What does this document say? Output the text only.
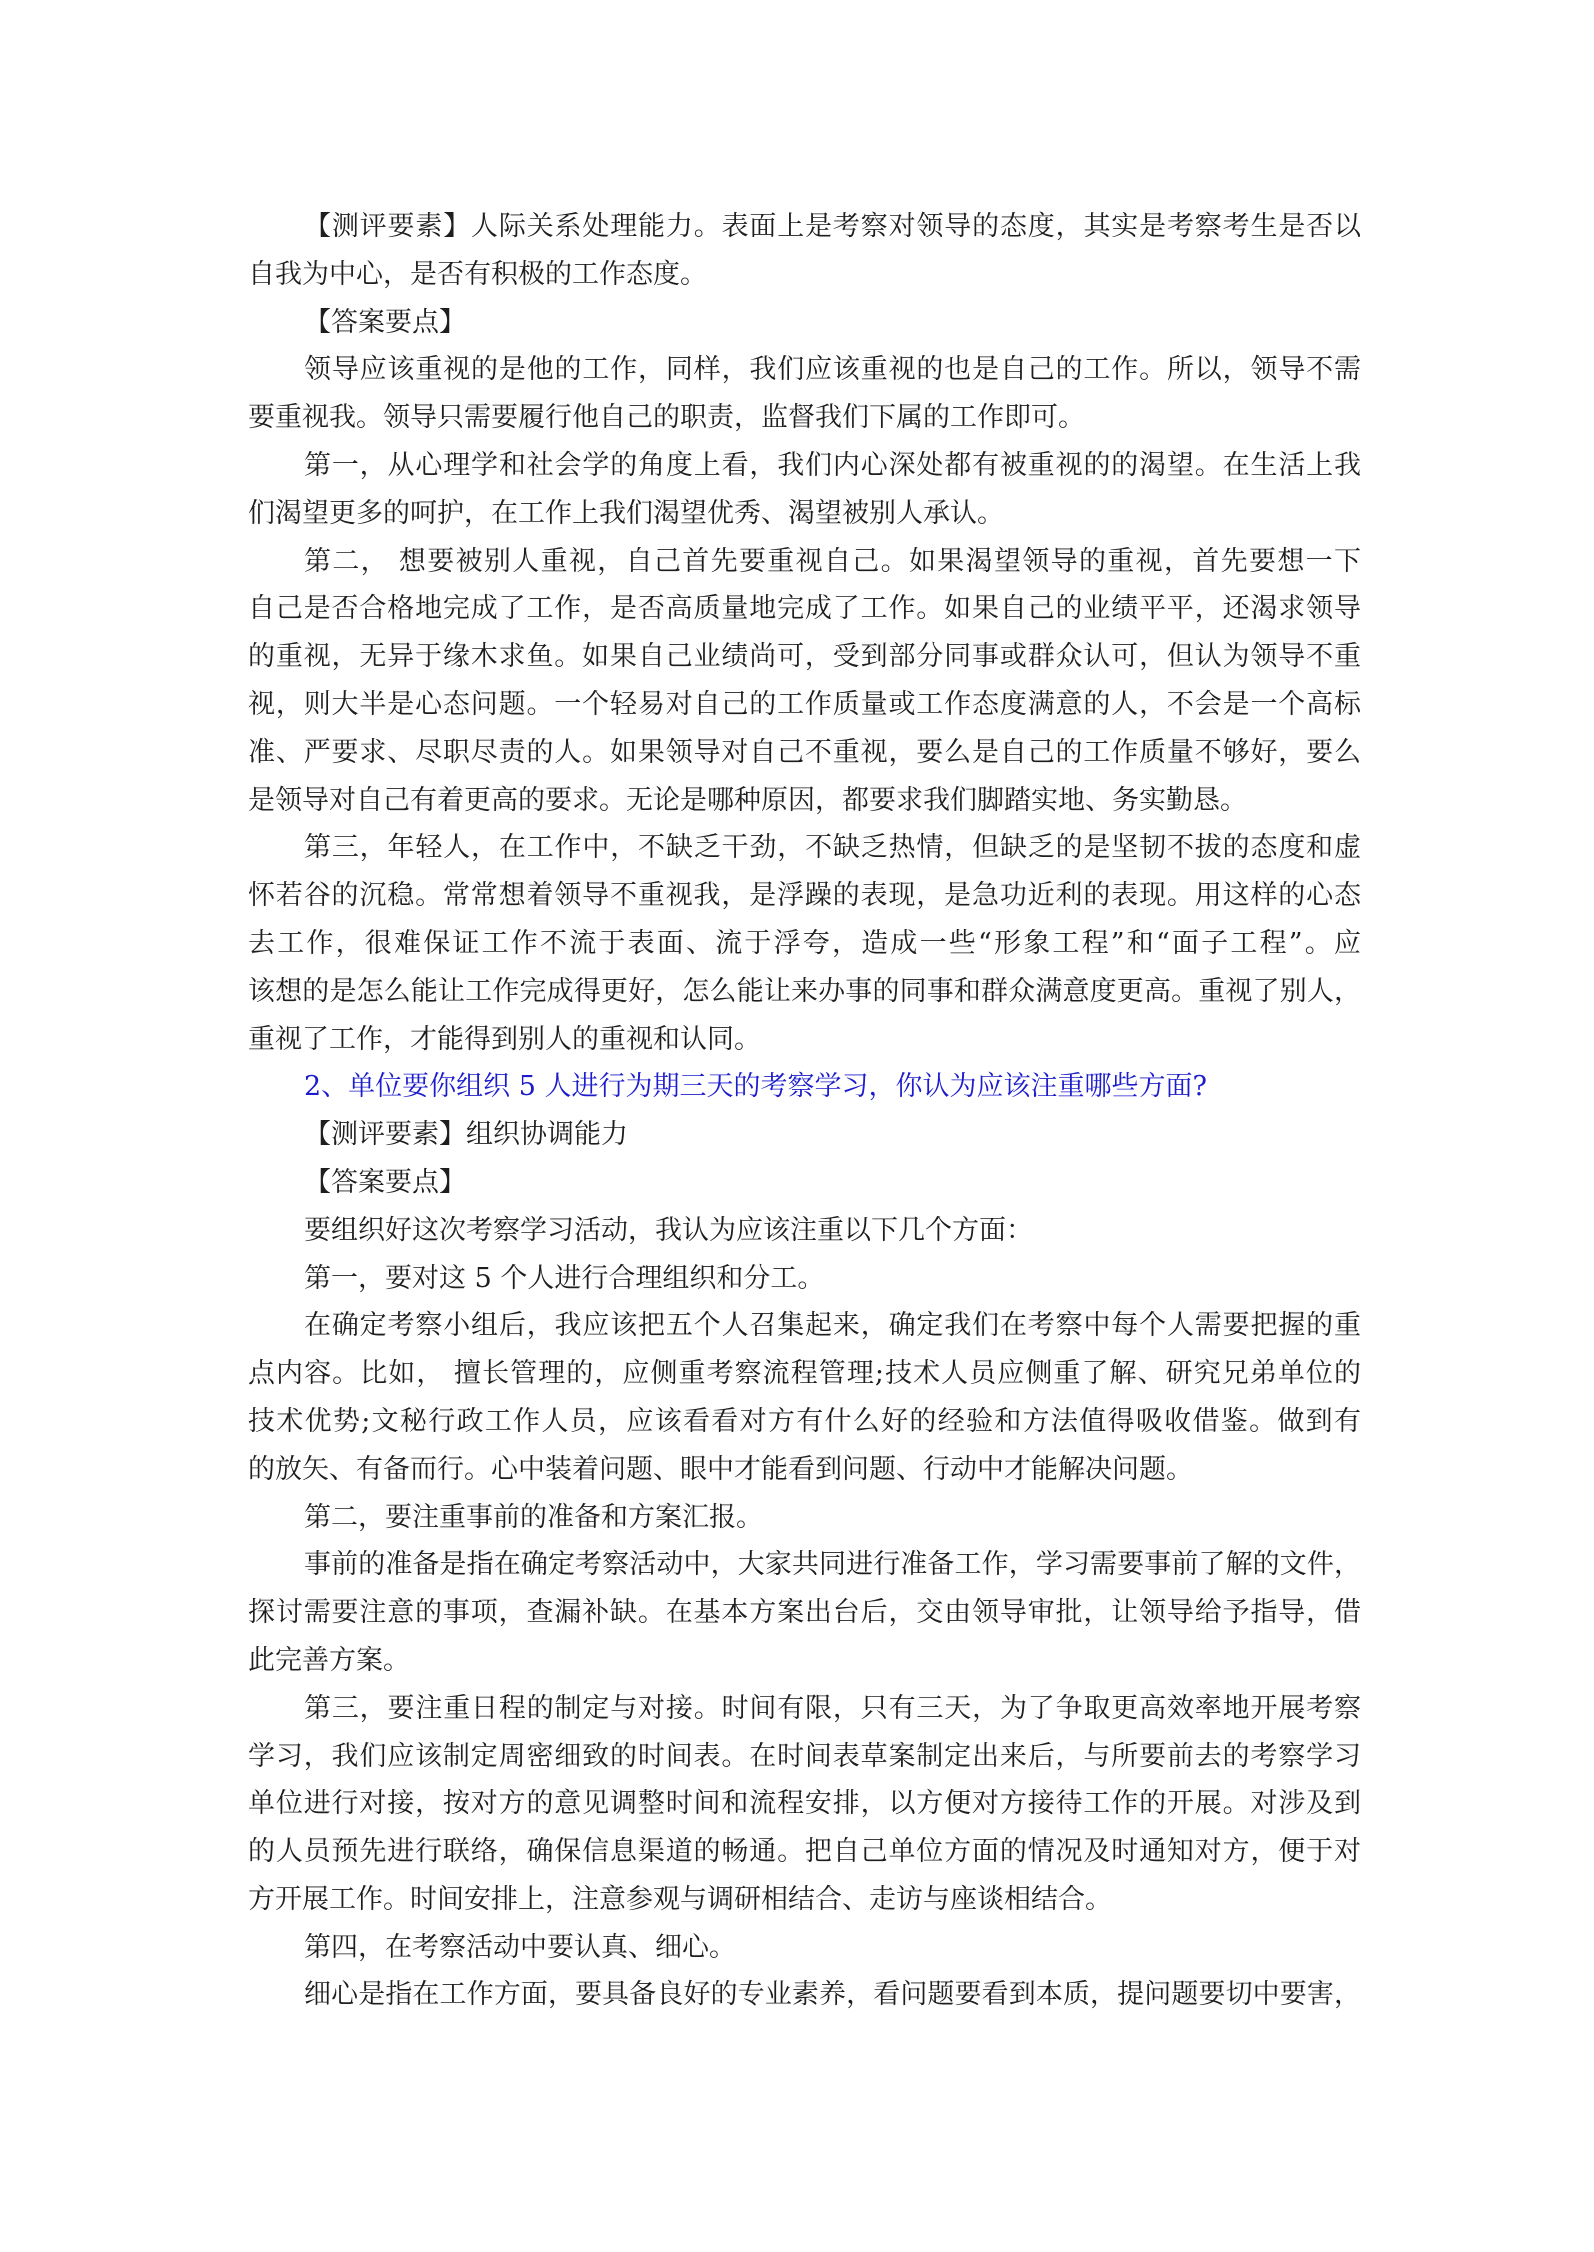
【测评要素】人际关系处理能力。表面上是考察对领导的态度，其实是考察考生是否以
自我为中心，是否有积极的工作态度。
【答案要点】
领导应该重视的是他的工作，同样，我们应该重视的也是自己的工作。所以，领导不需
要重视我。领导只需要履行他自己的职责，监督我们下属的工作即可。
第一，从心理学和社会学的角度上看，我们内心深处都有被重视的的渴望。在生活上我
们渴望更多的呵护，在工作上我们渴望优秀、渴望被别人承认。
第二， 想要被别人重视，自己首先要重视自己。如果渴望领导的重视，首先要想一下
自己是否合格地完成了工作，是否高质量地完成了工作。如果自己的业绩平平，还渴求领导
的重视，无异于缘木求鱼。如果自己业绩尚可，受到部分同事或群众认可，但认为领导不重
视，则大半是心态问题。一个轻易对自己的工作质量或工作态度满意的人，不会是一个高标
准、严要求、尽职尽责的人。如果领导对自己不重视，要么是自己的工作质量不够好，要么
是领导对自己有着更高的要求。无论是哪种原因，都要求我们脚踏实地、务实勤恳。
第三，年轻人，在工作中，不缺乏干劲，不缺乏热情，但缺乏的是坚韧不拔的态度和虚
怀若谷的沉稳。常常想着领导不重视我，是浮躁的表现，是急功近利的表现。用这样的心态
去工作，很难保证工作不流于表面、流于浮夸，造成一些“形象工程”和“面子工程”。应
该想的是怎么能让工作完成得更好，怎么能让来办事的同事和群众满意度更高。重视了别人，
重视了工作，才能得到别人的重视和认同。
2、单位要你组织 5 人进行为期三天的考察学习，你认为应该注重哪些方面?
【测评要素】组织协调能力
【答案要点】
要组织好这次考察学习活动，我认为应该注重以下几个方面：
第一，要对这 5 个人进行合理组织和分工。
在确定考察小组后，我应该把五个人召集起来，确定我们在考察中每个人需要把握的重
点内容。比如， 擅长管理的，应侧重考察流程管理;技术人员应侧重了解、研究兄弟单位的
技术优势;文秘行政工作人员，应该看看对方有什么好的经验和方法值得吸收借鉴。做到有
的放矢、有备而行。心中装着问题、眼中才能看到问题、行动中才能解决问题。
第二，要注重事前的准备和方案汇报。
事前的准备是指在确定考察活动中，大家共同进行准备工作，学习需要事前了解的文件，
探讨需要注意的事项，查漏补缺。在基本方案出台后，交由领导审批，让领导给予指导，借
此完善方案。
第三，要注重日程的制定与对接。时间有限，只有三天，为了争取更高效率地开展考察
学习，我们应该制定周密细致的时间表。在时间表草案制定出来后，与所要前去的考察学习
单位进行对接，按对方的意见调整时间和流程安排，以方便对方接待工作的开展。对涉及到
的人员预先进行联络，确保信息渠道的畅通。把自己单位方面的情况及时通知对方，便于对
方开展工作。时间安排上，注意参观与调研相结合、走访与座谈相结合。
第四，在考察活动中要认真、细心。
细心是指在工作方面，要具备良好的专业素养，看问题要看到本质，提问题要切中要害，
